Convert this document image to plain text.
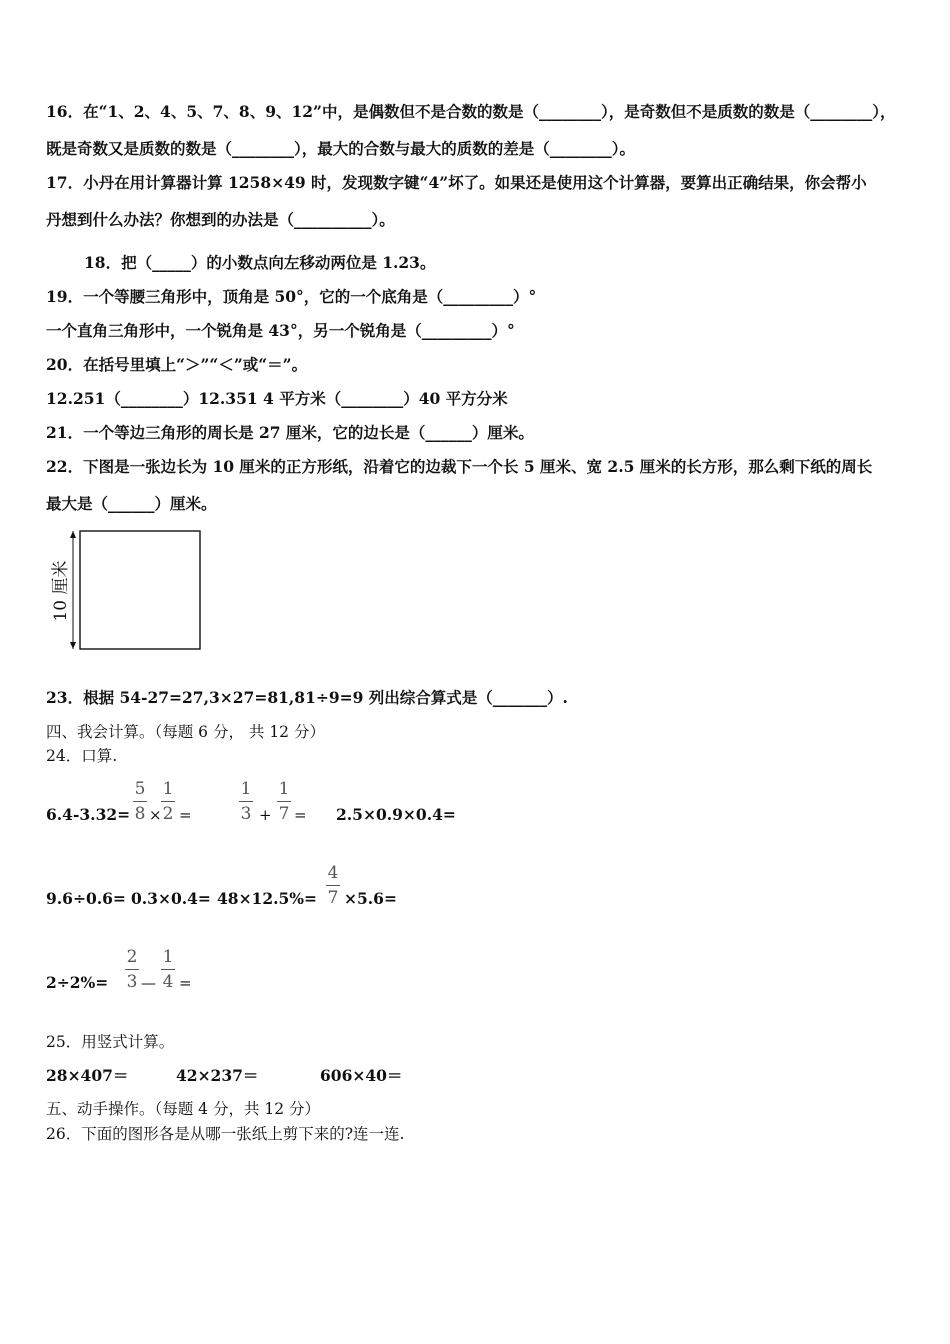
16．在“1、2、4、5、7、8、9、12”中，是偶数但不是合数的数是（________），是奇数但不是质数的数是（________），
既是奇数又是质数的数是（________），最大的合数与最大的质数的差是（________）。
17．小丹在用计算器计算 1258×49 时，发现数字键“4”坏了。如果还是使用这个计算器，要算出正确结果，你会帮小
丹想到什么办法？你想到的办法是（__________）。
18．把（_____）的小数点向左移动两位是 1.23。
19．一个等腰三角形中，顶角是 50°，它的一个底角是（_________）°
一个直角三角形中，一个锐角是 43°，另一个锐角是（_________）°
20．在括号里填上“＞”“＜”或“＝”。
12.251（________）12.351 4 平方米（________）40 平方分米
21．一个等边三角形的周长是 27 厘米，它的边长是（______）厘米。
22．下图是一张边长为 10 厘米的正方形纸，沿着它的边裁下一个长 5 厘米、宽 2.5 厘米的长方形，那么剩下纸的周长
最大是（______）厘米。
10 厘米
23．根据 54-27=27,3×27=81,81÷9=9 列出综合算式是（_______）.
四、我会计算。（每题 6 分， 共 12 分）
24．口算.
6.4-3.32=
5
8 ×
1
2 =
1
3 +
1
7 = 2.5×0.9×0.4=
9.6÷0.6= 0.3×0.4= 48×12.5%=
4
7 ×5.6=
2÷2%=
2
3 —
1
4 =
25．用竖式计算。
28×407＝	42×237＝	606×40＝
五、动手操作。（每题 4 分，共 12 分）
26．下面的图形各是从哪一张纸上剪下来的?连一连.
